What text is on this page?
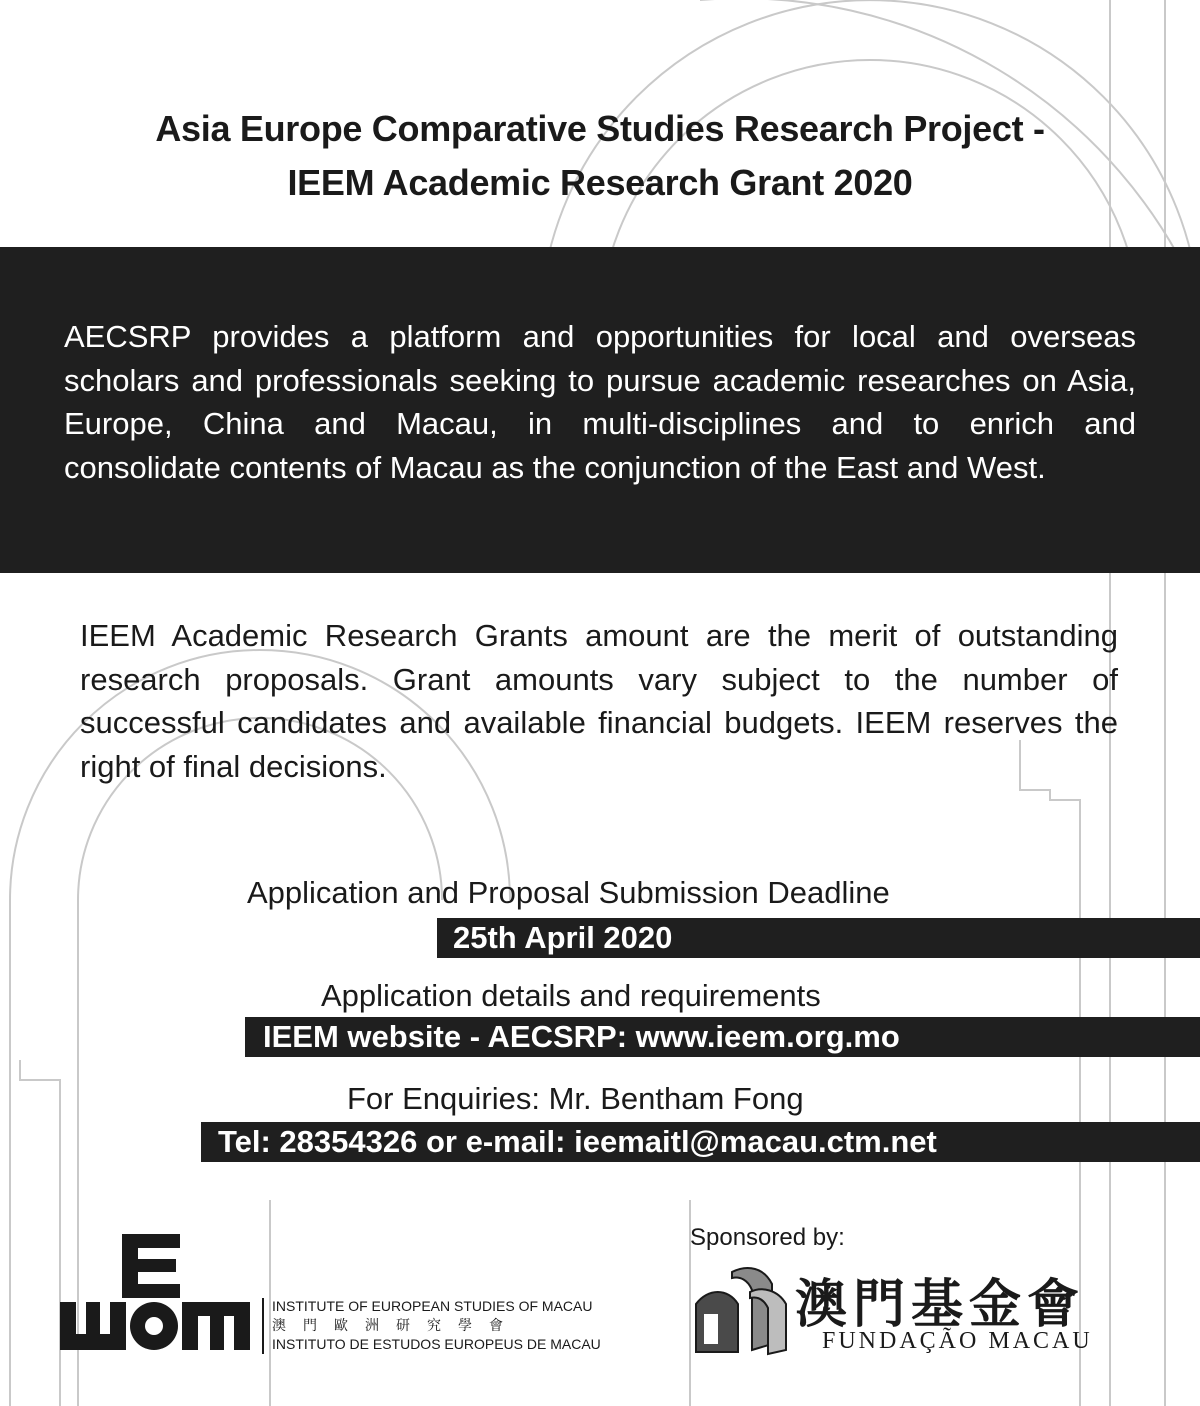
Asia Europe Comparative Studies Research Project -
IEEM Academic Research Grant 2020

AECSRP provides a platform and opportunities for local and overseas scholars and professionals seeking to pursue academic researches on Asia, Europe, China and Macau, in multi-disciplines and to enrich and
consolidate contents of Macau as the conjunction of the East and West.

IEEM Academic Research Grants amount are the merit of outstanding research proposals. Grant amounts vary subject to the number of successful candidates and available financial budgets. IEEM reserves the right of final decisions.

Application and Proposal Submission Deadline
25th April 2020
Application details and requirements
IEEM website - AECSRP: www.ieem.org.mo
For Enquiries: Mr. Bentham Fong
Tel: 28354326 or e-mail: ieemaitl@macau.ctm.net
INSTITUTE OF EUROPEAN STUDIES OF MACAU
澳門歐洲研究學會
INSTITUTO DE ESTUDOS EUROPEUS DE MACAU
Sponsored by:
澳門基金會
FUNDAÇÃO MACAU
